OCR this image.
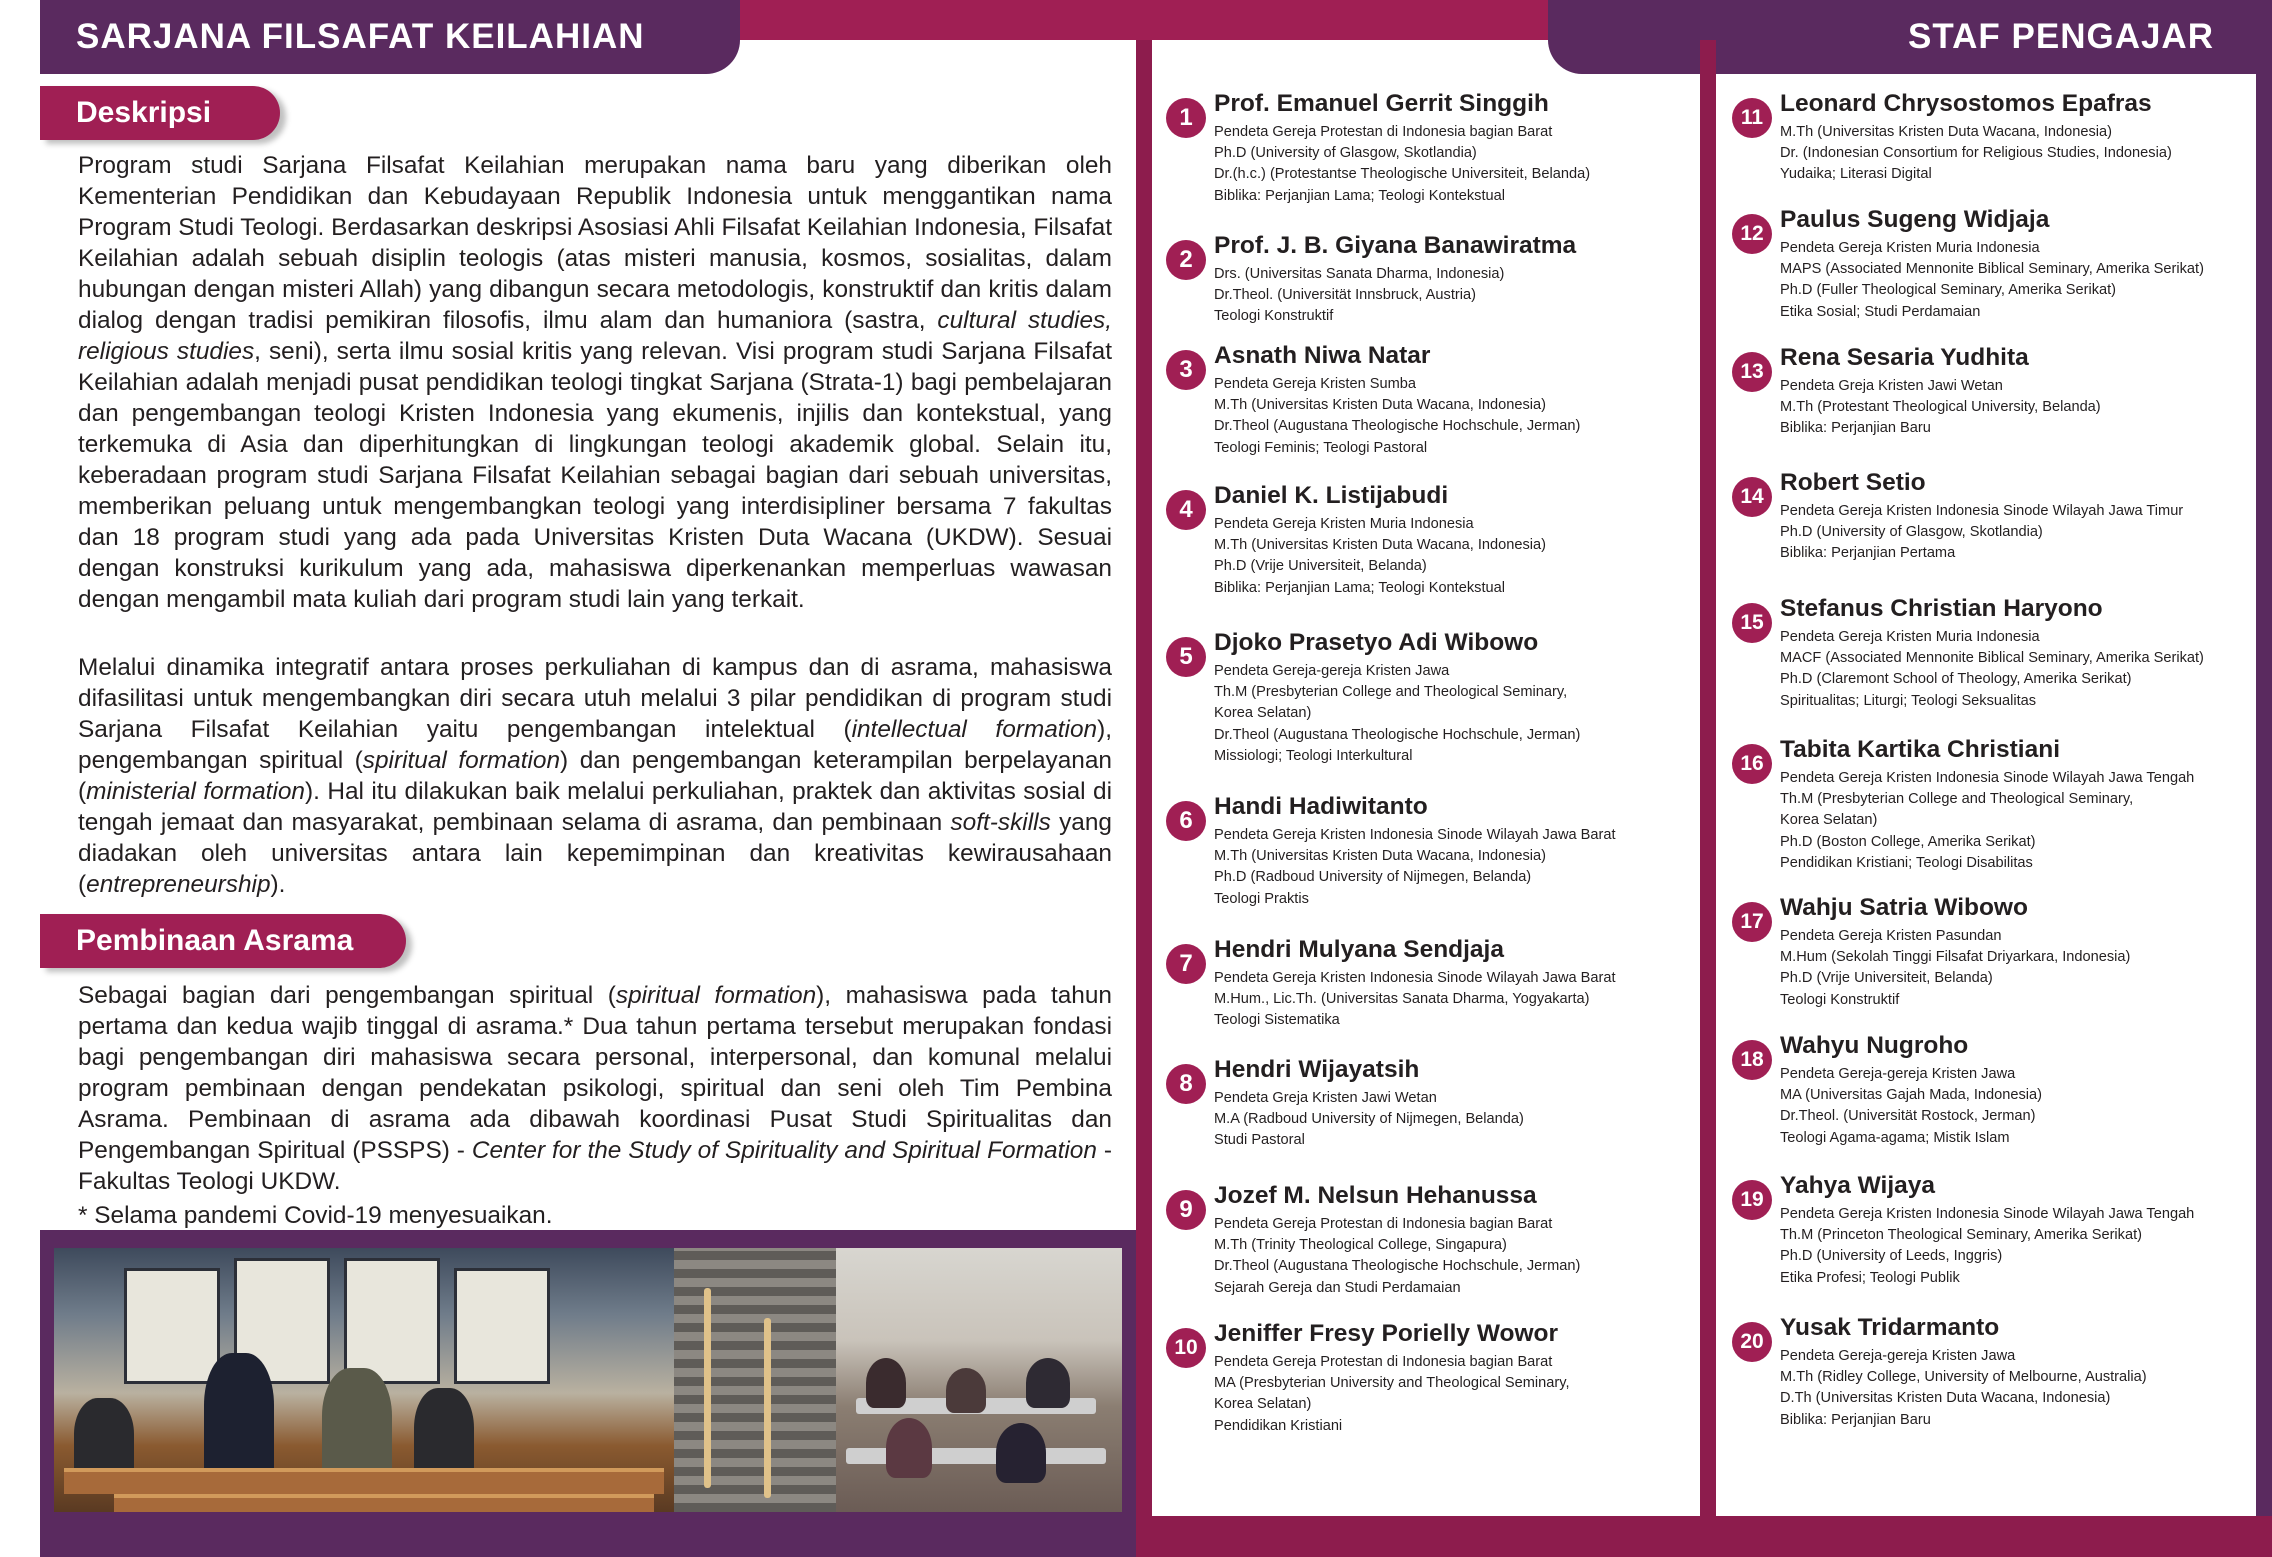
SARJANA FILSAFAT KEILAHIAN	STAF PENGAJAR
Deskripsi
Program studi Sarjana Filsafat Keilahian merupakan nama baru yang diberikan oleh Kementerian Pendidikan dan Kebudayaan Republik Indonesia untuk menggantikan nama Program Studi Teologi. Berdasarkan deskripsi Asosiasi Ahli Filsafat Keilahian Indonesia, Filsafat Keilahian adalah sebuah disiplin teologis (atas misteri manusia, kosmos, sosialitas, dalam hubungan dengan misteri Allah) yang dibangun secara metodologis, konstruktif dan kritis dalam dialog dengan tradisi pemikiran filosofis, ilmu alam dan humaniora (sastra, cultural studies, religious studies, seni), serta ilmu sosial kritis yang relevan. Visi program studi Sarjana Filsafat Keilahian adalah menjadi pusat pendidikan teologi tingkat Sarjana (Strata-1) bagi pembelajaran dan pengembangan teologi Kristen Indonesia yang ekumenis, injilis dan kontekstual, yang terkemuka di Asia dan diperhitungkan di lingkungan teologi akademik global. Selain itu, keberadaan program studi Sarjana Filsafat Keilahian sebagai bagian dari sebuah universitas, memberikan peluang untuk mengembangkan teologi yang interdisipliner bersama 7 fakultas dan 18 program studi yang ada pada Universitas Kristen Duta Wacana (UKDW). Sesuai dengan konstruksi kurikulum yang ada, mahasiswa diperkenankan memperluas wawasan dengan mengambil mata kuliah dari program studi lain yang terkait.
Melalui dinamika integratif antara proses perkuliahan di kampus dan di asrama, mahasiswa difasilitasi untuk mengembangkan diri secara utuh melalui 3 pilar pendidikan di program studi Sarjana Filsafat Keilahian yaitu pengembangan intelektual (intellectual formation), pengembangan spiritual (spiritual formation) dan pengembangan keterampilan berpelayanan (ministerial formation). Hal itu dilakukan baik melalui perkuliahan, praktek dan aktivitas sosial di tengah jemaat dan masyarakat, pembinaan selama di asrama, dan pembinaan soft-skills yang diadakan oleh universitas antara lain kepemimpinan dan kreativitas kewirausahaan (entrepreneurship).
Pembinaan Asrama
Sebagai bagian dari pengembangan spiritual (spiritual formation), mahasiswa pada tahun pertama dan kedua wajib tinggal di asrama.* Dua tahun pertama tersebut merupakan fondasi bagi pengembangan diri mahasiswa secara personal, interpersonal, dan komunal melalui program pembinaan dengan pendekatan psikologi, spiritual dan seni oleh Tim Pembina Asrama. Pembinaan di asrama ada dibawah koordinasi Pusat Studi Spiritualitas dan Pengembangan Spiritual (PSSPS) - Center for the Study of Spirituality and Spiritual Formation - Fakultas Teologi UKDW.
* Selama pandemi Covid-19 menyesuaikan.
1
Prof. Emanuel Gerrit Singgih
Pendeta Gereja Protestan di Indonesia bagian Barat
Ph.D (University of Glasgow, Skotlandia)
Dr.(h.c.) (Protestantse Theologische Universiteit, Belanda)
Biblika: Perjanjian Lama; Teologi Kontekstual
2
Prof. J. B. Giyana Banawiratma
Drs. (Universitas Sanata Dharma, Indonesia)
Dr.Theol. (Universität Innsbruck, Austria)
Teologi Konstruktif
3
Asnath Niwa Natar
Pendeta Gereja Kristen Sumba
M.Th (Universitas Kristen Duta Wacana, Indonesia)
Dr.Theol (Augustana Theologische Hochschule, Jerman)
Teologi Feminis; Teologi Pastoral
4
Daniel K. Listijabudi
Pendeta Gereja Kristen Muria Indonesia
M.Th (Universitas Kristen Duta Wacana, Indonesia)
Ph.D (Vrije Universiteit, Belanda)
Biblika: Perjanjian Lama; Teologi Kontekstual
5
Djoko Prasetyo Adi Wibowo
Pendeta Gereja-gereja Kristen Jawa
Th.M (Presbyterian College and Theological Seminary,
Korea Selatan)
Dr.Theol (Augustana Theologische Hochschule, Jerman)
Missiologi; Teologi Interkultural
6
Handi Hadiwitanto
Pendeta Gereja Kristen Indonesia Sinode Wilayah Jawa Barat
M.Th (Universitas Kristen Duta Wacana, Indonesia)
Ph.D (Radboud University of Nijmegen, Belanda)
Teologi Praktis
7
Hendri Mulyana Sendjaja
Pendeta Gereja Kristen Indonesia Sinode Wilayah Jawa Barat
M.Hum., Lic.Th. (Universitas Sanata Dharma, Yogyakarta)
Teologi Sistematika
8
Hendri Wijayatsih
Pendeta Greja Kristen Jawi Wetan
M.A (Radboud University of Nijmegen, Belanda)
Studi Pastoral
9
Jozef M. Nelsun Hehanussa
Pendeta Gereja Protestan di Indonesia bagian Barat
M.Th (Trinity Theological College, Singapura)
Dr.Theol (Augustana Theologische Hochschule, Jerman)
Sejarah Gereja dan Studi Perdamaian
10
Jeniffer Fresy Porielly Wowor
Pendeta Gereja Protestan di Indonesia bagian Barat
MA (Presbyterian University and Theological Seminary,
Korea Selatan)
Pendidikan Kristiani
11
Leonard Chrysostomos Epafras
M.Th (Universitas Kristen Duta Wacana, Indonesia)
Dr. (Indonesian Consortium for Religious Studies, Indonesia)
Yudaika; Literasi Digital
12
Paulus Sugeng Widjaja
Pendeta Gereja Kristen Muria Indonesia
MAPS (Associated Mennonite Biblical Seminary, Amerika Serikat)
Ph.D (Fuller Theological Seminary, Amerika Serikat)
Etika Sosial; Studi Perdamaian
13
Rena Sesaria Yudhita
Pendeta Greja Kristen Jawi Wetan
M.Th (Protestant Theological University, Belanda)
Biblika: Perjanjian Baru
14
Robert Setio
Pendeta Gereja Kristen Indonesia Sinode Wilayah Jawa Timur
Ph.D (University of Glasgow, Skotlandia)
Biblika: Perjanjian Pertama
15
Stefanus Christian Haryono
Pendeta Gereja Kristen Muria Indonesia
MACF (Associated Mennonite Biblical Seminary, Amerika Serikat)
Ph.D (Claremont School of Theology, Amerika Serikat)
Spiritualitas; Liturgi; Teologi Seksualitas
16
Tabita Kartika Christiani
Pendeta Gereja Kristen Indonesia Sinode Wilayah Jawa Tengah
Th.M (Presbyterian College and Theological Seminary,
Korea Selatan)
Ph.D (Boston College, Amerika Serikat)
Pendidikan Kristiani; Teologi Disabilitas
17
Wahju Satria Wibowo
Pendeta Gereja Kristen Pasundan
M.Hum (Sekolah Tinggi Filsafat Driyarkara, Indonesia)
Ph.D (Vrije Universiteit, Belanda)
Teologi Konstruktif
18
Wahyu Nugroho
Pendeta Gereja-gereja Kristen Jawa
MA (Universitas Gajah Mada, Indonesia)
Dr.Theol. (Universität Rostock, Jerman)
Teologi Agama-agama; Mistik Islam
19
Yahya Wijaya
Pendeta Gereja Kristen Indonesia Sinode Wilayah Jawa Tengah
Th.M (Princeton Theological Seminary, Amerika Serikat)
Ph.D (University of Leeds, Inggris)
Etika Profesi; Teologi Publik
20
Yusak Tridarmanto
Pendeta Gereja-gereja Kristen Jawa
M.Th (Ridley College, University of Melbourne, Australia)
D.Th (Universitas Kristen Duta Wacana, Indonesia)
Biblika: Perjanjian Baru
